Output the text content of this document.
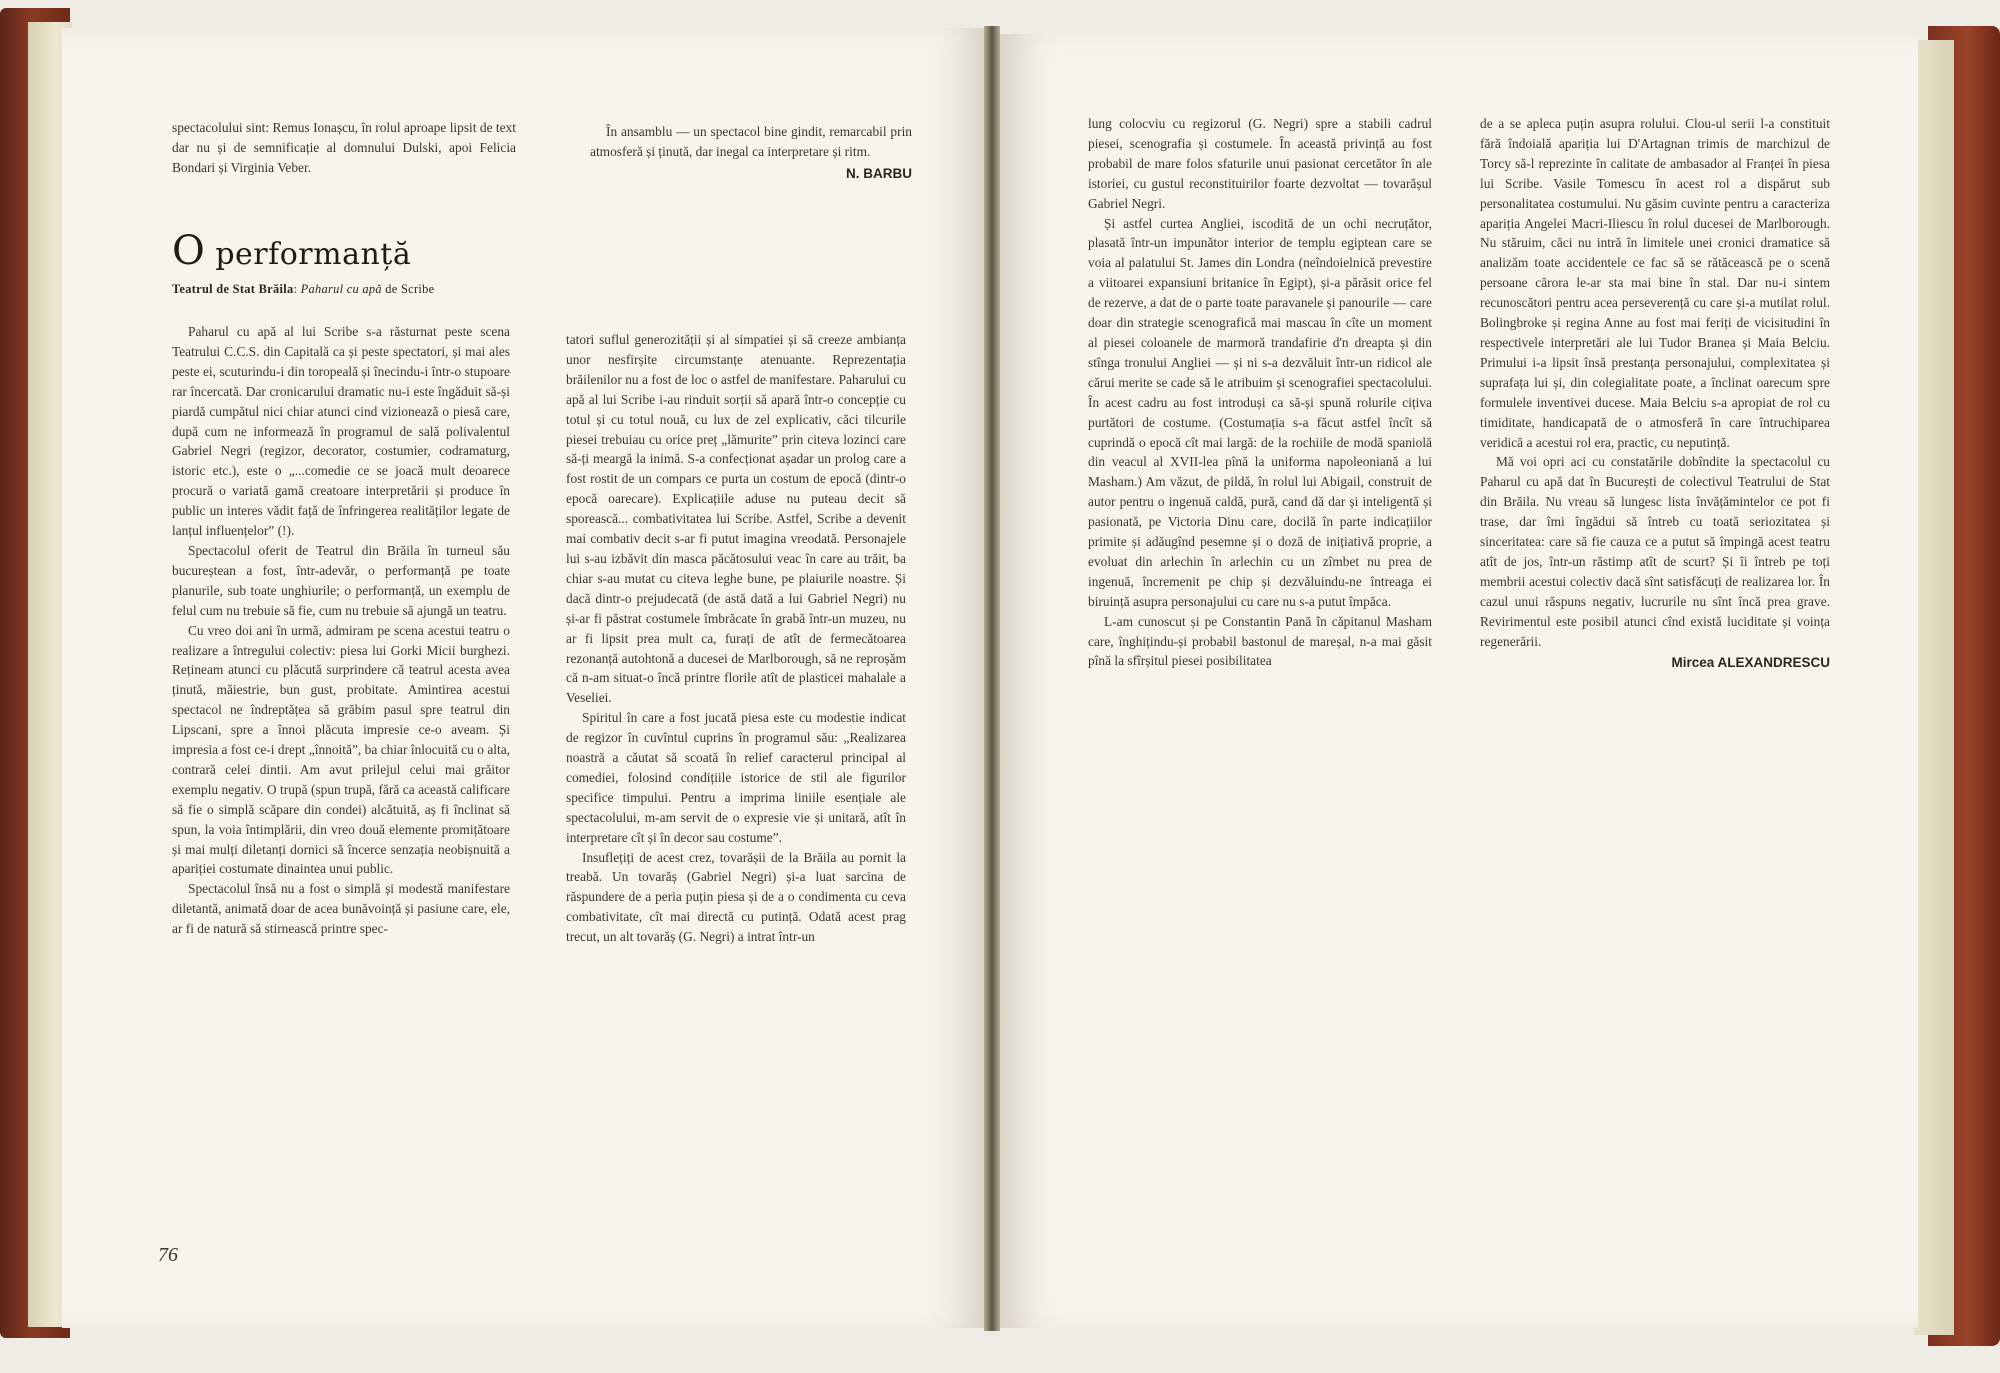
spectacolului sint: Remus Ionașcu, în rolul aproape lipsit de text dar nu și de semnificație al domnului Dulski, apoi Felicia Bondari și Virginia Veber.

În ansamblu — un spectacol bine gindit, remarcabil prin atmosferă și ținută, dar inegal ca interpretare și ritm.

N. BARBU
O performanță
Teatrul de Stat Brăila: Paharul cu apă de Scribe

Paharul cu apă al lui Scribe s-a răsturnat peste scena Teatrului C.C.S. din Capitală ca și peste spectatori, și mai ales peste ei, scuturindu-i din toropeală și înecindu-i într-o stupoare rar încercată. Dar cronicarului dramatic nu-i este îngăduit să-și piardă cumpătul nici chiar atunci cind vizionează o piesă care, după cum ne informează în programul de sală polivalentul Gabriel Negri (regizor, decorator, costumier, codramaturg, istoric etc.), este o „...comedie ce se joacă mult deoarece procură o variată gamă creatoare interpretării și produce în public un interes vădit față de înfringerea realităților legate de lanțul influențelor” (!).

Spectacolul oferit de Teatrul din Brăila în turneul său bucureștean a fost, într-adevăr, o performanță pe toate planurile, sub toate unghiurile; o performanță, un exemplu de felul cum nu trebuie să fie, cum nu trebuie să ajungă un teatru.

Cu vreo doi ani în urmă, admiram pe scena acestui teatru o realizare a întregului colectiv: piesa lui Gorki Micii burghezi. Rețineam atunci cu plăcută surprindere că teatrul acesta avea ținută, măiestrie, bun gust, probitate. Amintirea acestui spectacol ne îndreptățea să grăbim pasul spre teatrul din Lipscani, spre a înnoi plăcuta impresie ce-o aveam. Și impresia a fost ce-i drept „înnoită”, ba chiar înlocuită cu o alta, contrară celei dintii. Am avut prilejul celui mai grăitor exemplu negativ. O trupă (spun trupă, fără ca această calificare să fie o simplă scăpare din condei) alcătuită, aș fi înclinat să spun, la voia întimplării, din vreo două elemente promițătoare și mai mulți diletanți dornici să încerce senzația neobișnuită a apariției costumate dinaintea unui public.

Spectacolul însă nu a fost o simplă și modestă manifestare diletantă, animată doar de acea bunăvoință și pasiune care, ele, ar fi de natură să stirnească printre spec-

tatori suflul generozității și al simpatiei și să creeze ambianța unor nesfirșite circumstanțe atenuante. Reprezentația brăilenilor nu a fost de loc o astfel de manifestare. Paharului cu apă al lui Scribe i-au rinduit sorții să apară într-o concepție cu totul și cu totul nouă, cu lux de zel explicativ, căci tilcurile piesei trebuiau cu orice preț „lămurite” prin citeva lozinci care să-ți meargă la inimă. S-a confecționat așadar un prolog care a fost rostit de un compars ce purta un costum de epocă (dintr-o epocă oarecare). Explicațiile aduse nu puteau decit să sporească... combativitatea lui Scribe. Astfel, Scribe a devenit mai combativ decit s-ar fi putut imagina vreodată. Personajele lui s-au izbăvit din masca păcătosului veac în care au trăit, ba chiar s-au mutat cu citeva leghe bune, pe plaiurile noastre. Și dacă dintr-o prejudecată (de astă dată a lui Gabriel Negri) nu și-ar fi păstrat costumele îmbrăcate în grabă într-un muzeu, nu ar fi lipsit prea mult ca, furați de atît de fermecătoarea rezonanță autohtonă a ducesei de Marlborough, să ne reproșăm că n-am situat-o încă printre florile atît de plasticei mahalale a Veseliei.

Spiritul în care a fost jucată piesa este cu modestie indicat de regizor în cuvîntul cuprins în programul său: „Realizarea noastră a căutat să scoată în relief caracterul principal al comediei, folosind condițiile istorice de stil ale figurilor specifice timpului. Pentru a imprima liniile esențiale ale spectacolului, m-am servit de o expresie vie și unitară, atît în interpretare cît și în decor sau costume”.

Insuflețiți de acest crez, tovarășii de la Brăila au pornit la treabă. Un tovarăș (Gabriel Negri) și-a luat sarcina de răspundere de a peria puțin piesa și de a o condimenta cu ceva combativitate, cît mai directă cu putință. Odată acest prag trecut, un alt tovarăș (G. Negri) a intrat într-un

76

lung colocviu cu regizorul (G. Negri) spre a stabili cadrul piesei, scenografia și costumele. În această privință au fost probabil de mare folos sfaturile unui pasionat cercetător în ale istoriei, cu gustul reconstituirilor foarte dezvoltat — tovarășul Gabriel Negri.

Și astfel curtea Angliei, iscodită de un ochi necruțător, plasată într-un impunător interior de templu egiptean care se voia al palatului St. James din Londra (neîndoielnică prevestire a viitoarei expansiuni britanice în Egipt), și-a părăsit orice fel de rezerve, a dat de o parte toate paravanele și panourile — care doar din strategie scenografică mai mascau în cîte un moment al piesei coloanele de marmoră trandafirie d'n dreapta și din stînga tronului Angliei — și ni s-a dezvăluit într-un ridicol ale cărui merite se cade să le atribuim și scenografiei spectacolului. În acest cadru au fost introduși ca să-și spună rolurile cițiva purtători de costume. (Costumația s-a făcut astfel încît să cuprindă o epocă cît mai largă: de la rochiile de modă spaniolă din veacul al XVII-lea pînă la uniforma napoleoniană a lui Masham.) Am văzut, de pildă, în rolul lui Abigail, construit de autor pentru o ingenuă caldă, pură, cand dă dar și inteligentă și pasionată, pe Victoria Dinu care, docilă în parte indicațiilor primite și adăugînd pesemne și o doză de inițiativă proprie, a evoluat din arlechin în arlechin cu un zîmbet nu prea de ingenuă, încremenit pe chip și dezvăluindu-ne întreaga ei biruință asupra personajului cu care nu s-a putut împăca.

L-am cunoscut și pe Constantin Pană în căpitanul Masham care, înghițindu-și probabil bastonul de mareșal, n-a mai găsit pînă la sfîrșitul piesei posibilitatea

de a se apleca puțin asupra rolului. Clou-ul serii l-a constituit fără îndoială apariția lui D'Artagnan trimis de marchizul de Torcy să-l reprezinte în calitate de ambasador al Franței în piesa lui Scribe. Vasile Tomescu în acest rol a dispărut sub personalitatea costumului. Nu găsim cuvinte pentru a caracteriza apariția Angelei Macri-Iliescu în rolul ducesei de Marlborough. Nu stăruim, căci nu intră în limitele unei cronici dramatice să analizăm toate accidentele ce fac să se rătăcească pe o scenă persoane cărora le-ar sta mai bine în stal. Dar nu-i sintem recunoscători pentru acea perseverență cu care și-a mutilat rolul. Bolingbroke și regina Anne au fost mai feriți de vicisitudini în respectivele interpretări ale lui Tudor Branea și Maia Belciu. Primului i-a lipsit însă prestanța personajului, complexitatea și suprafața lui și, din colegialitate poate, a înclinat oarecum spre formulele inventivei ducese. Maia Belciu s-a apropiat de rol cu timiditate, handicapată de o atmosferă în care întruchiparea veridică a acestui rol era, practic, cu neputință.

Mă voi opri aci cu constatările dobîndite la spectacolul cu Paharul cu apă dat în București de colectivul Teatrului de Stat din Brăila. Nu vreau să lungesc lista învățămintelor ce pot fi trase, dar îmi îngădui să întreb cu toată seriozitatea și sinceritatea: care să fie cauza ce a putut să împingă acest teatru atît de jos, într-un răstimp atît de scurt? Și îi întreb pe toți membrii acestui colectiv dacă sînt satisfăcuți de realizarea lor. În cazul unui răspuns negativ, lucrurile nu sînt încă prea grave. Revirimentul este posibil atunci cînd există luciditate și voința regenerării.

Mircea ALEXANDRESCU
